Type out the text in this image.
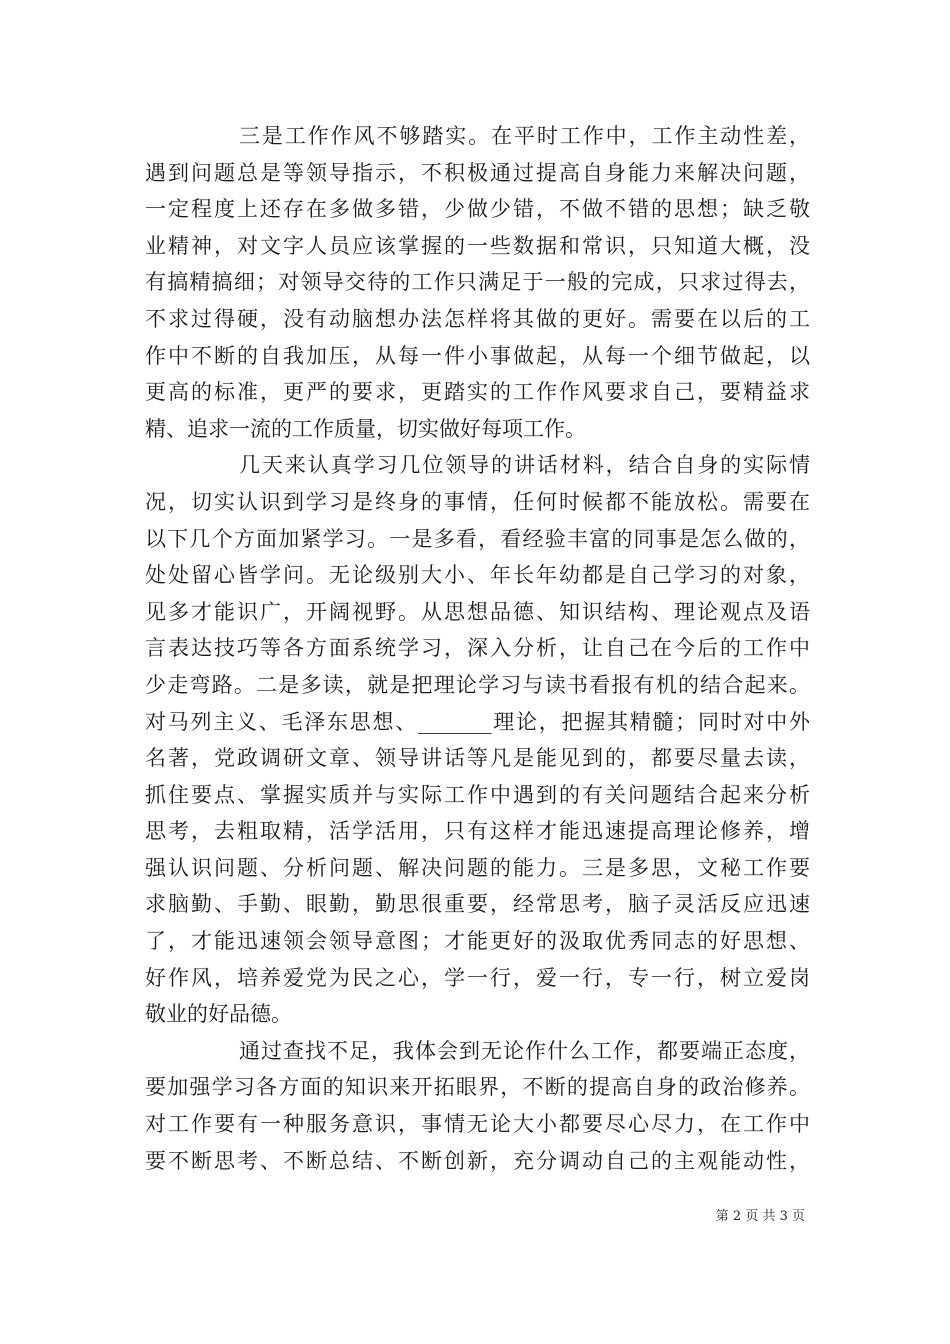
三是工作作风不够踏实。在平时工作中，工作主动性差，
遇到问题总是等领导指示，不积极通过提高自身能力来解决问题，
一定程度上还存在多做多错，少做少错，不做不错的思想；缺乏敬
业精神，对文字人员应该掌握的一些数据和常识，只知道大概，没
有搞精搞细；对领导交待的工作只满足于一般的完成，只求过得去，
不求过得硬，没有动脑想办法怎样将其做的更好。需要在以后的工
作中不断的自我加压，从每一件小事做起，从每一个细节做起，以
更高的标准，更严的要求，更踏实的工作作风要求自己，要精益求
精、追求一流的工作质量，切实做好每项工作。
几天来认真学习几位领导的讲话材料，结合自身的实际情
况，切实认识到学习是终身的事情，任何时候都不能放松。需要在
以下几个方面加紧学习。一是多看，看经验丰富的同事是怎么做的，
处处留心皆学问。无论级别大小、年长年幼都是自己学习的对象，
见多才能识广，开阔视野。从思想品德、知识结构、理论观点及语
言表达技巧等各方面系统学习，深入分析，让自己在今后的工作中
少走弯路。二是多读，就是把理论学习与读书看报有机的结合起来。
对马列主义、毛泽东思想、_______理论，把握其精髓；同时对中外
名著，党政调研文章、领导讲话等凡是能见到的，都要尽量去读，
抓住要点、掌握实质并与实际工作中遇到的有关问题结合起来分析
思考，去粗取精，活学活用，只有这样才能迅速提高理论修养，增
强认识问题、分析问题、解决问题的能力。三是多思，文秘工作要
求脑勤、手勤、眼勤，勤思很重要，经常思考，脑子灵活反应迅速
了，才能迅速领会领导意图；才能更好的汲取优秀同志的好思想、
好作风，培养爱党为民之心，学一行，爱一行，专一行，树立爱岗
敬业的好品德。
通过查找不足，我体会到无论作什么工作，都要端正态度，
要加强学习各方面的知识来开拓眼界，不断的提高自身的政治修养。
对工作要有一种服务意识，事情无论大小都要尽心尽力，在工作中
要不断思考、不断总结、不断创新，充分调动自己的主观能动性，
第 2 页 共 3 页
